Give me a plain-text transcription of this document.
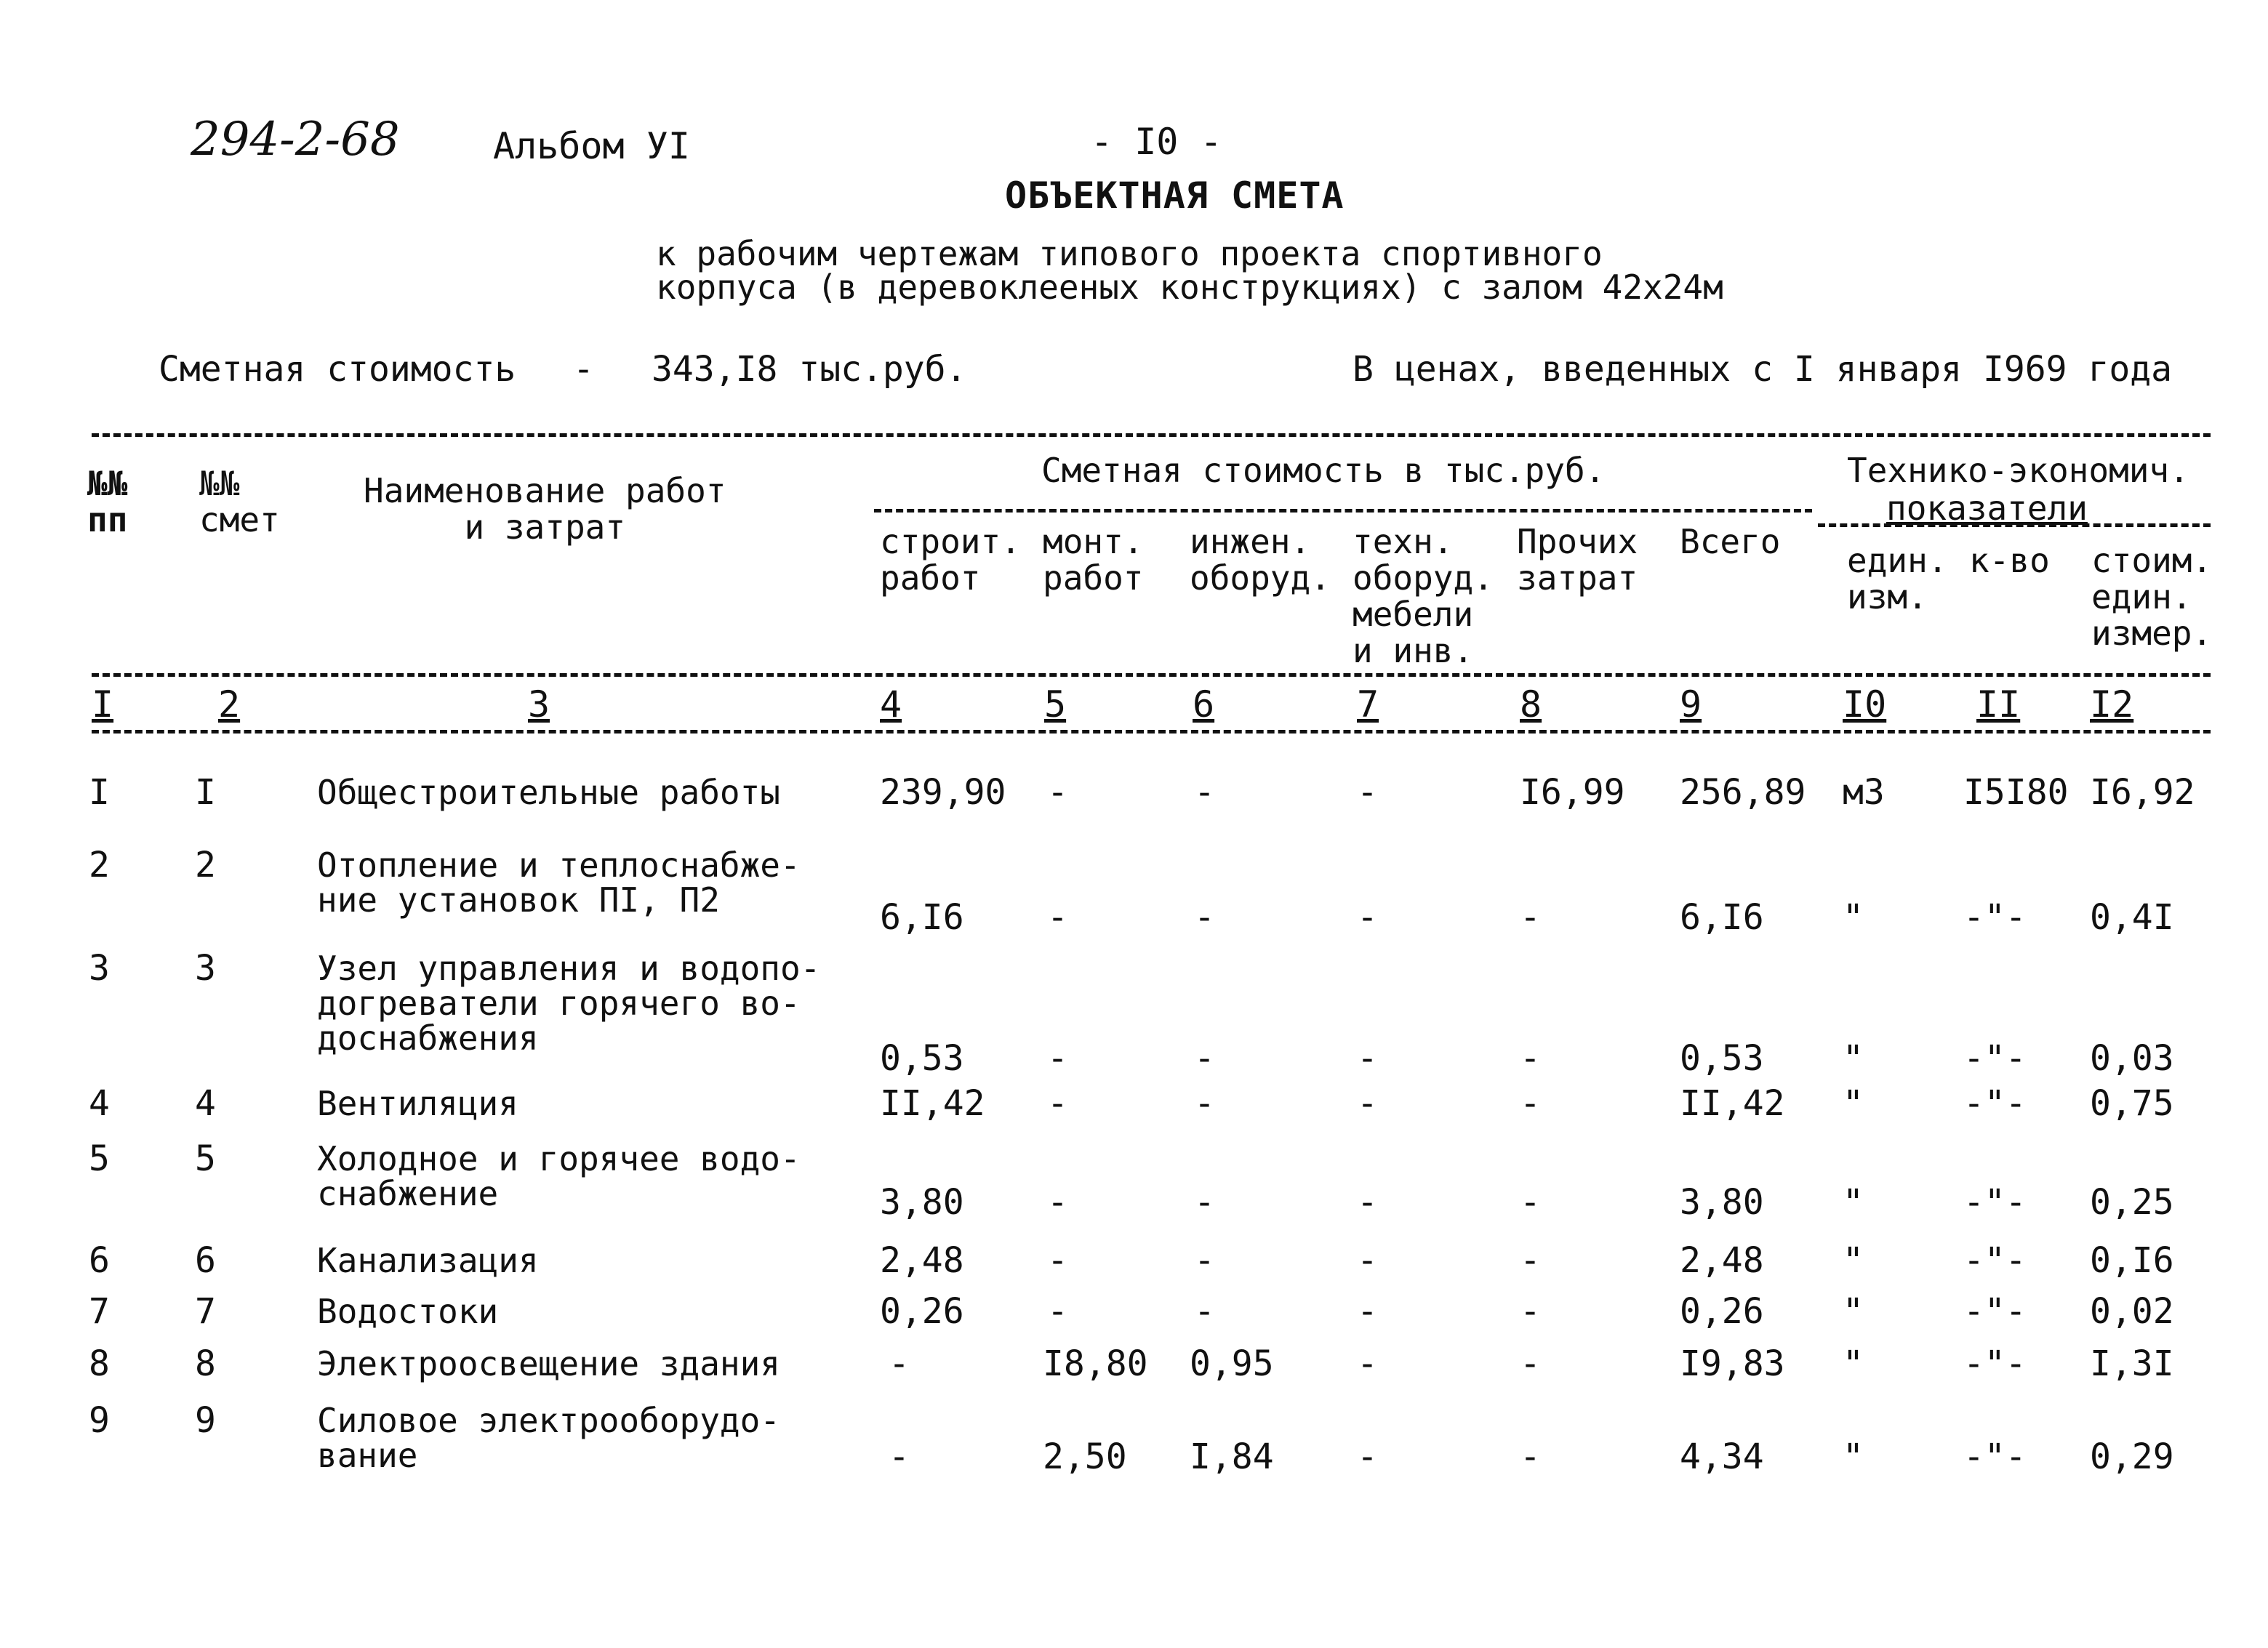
294-2-68	Альбом УI	- I0 -
ОБЪЕКТНАЯ СМЕТА
к рабочим чертежам типового проекта спортивного
корпуса (в деревоклееных конструкциях) с залом 42х24м
Сметная стоимость - 343,I8 тыс.руб.	В ценах, введенных с I января I969 года
№№
пп
№№
смет
Наименование работ
и затрат
Сметная стоимость в тыс.руб.
строит.
работ
монт.
работ
инжен.
оборуд.
техн.
оборуд.
мебели
и инв.
Прочих
затрат
Всего
Технико-экономич.
показатели
един.
изм.
к-во стоим.
един.
измер.
I	2	3	4	5	6	7	8	9	I0 II I2
I I	Общестроительные работы	239,90 -	-	-	I6,99 256,89 м3 I5I80 I6,92
2 2	Отопление и теплоснабже-
ние установок ПI, П2	6,I6 -	-	-	-	6,I6 "	-"- 0,4I
3 3	Узел управления и водопо-
догреватели горячего во-
доснабжения	0,53 -	-	-	-	0,53 "	-"- 0,03
4 4	Вентиляция	II,42 -	-	-	-	II,42 "	-"- 0,75
5 5	Холодное и горячее водо-
снабжение	3,80 -	-	-	-	3,80 "	-"- 0,25
6 6	Канализация	2,48 -	-	-	-	2,48 "	-"- 0,I6
7 7	Водостоки	0,26 -	-	-	-	0,26 "	-"- 0,02
8 8	Электроосвещение здания	-	I8,80 0,95 -	-	I9,83 "	-"- I,3I
9 9	Силовое электрооборудо-
вание	-	2,50 I,84 -	-	4,34 "	-"- 0,29
